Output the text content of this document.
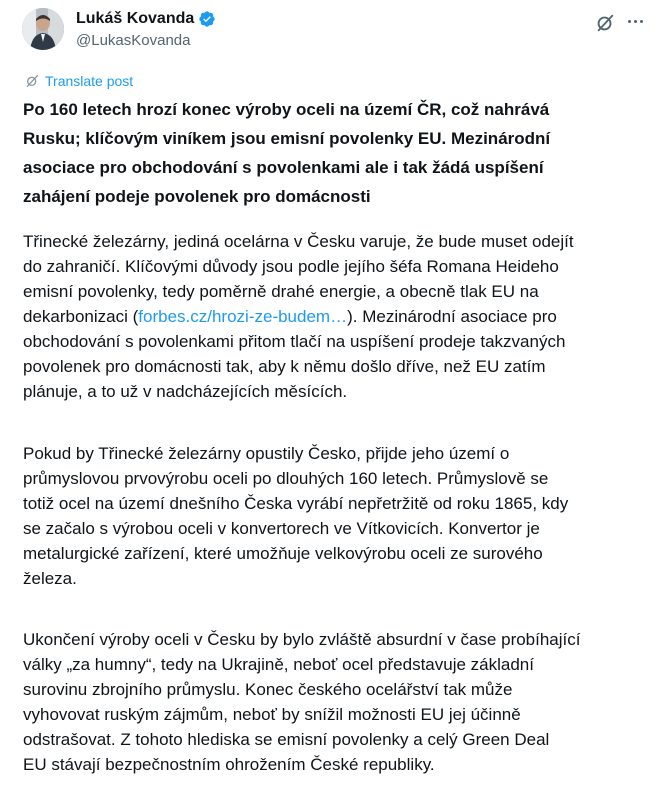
Lukáš Kovanda
@LukasKovanda
Translate post
Po 160 letech hrozí konec výroby oceli na území ČR, což nahrává
Rusku; klíčovým viníkem jsou emisní povolenky EU. Mezinárodní
asociace pro obchodování s povolenkami ale i tak žádá uspíšení
zahájení podeje povolenek pro domácnosti
Třinecké železárny, jediná ocelárna v Česku varuje, že bude muset odejít
do zahraničí. Klíčovými důvody jsou podle jejího šéfa Romana Heideho
emisní povolenky, tedy poměrně drahé energie, a obecně tlak EU na
dekarbonizaci (forbes.cz/hrozi-ze-budem…). Mezinárodní asociace pro
obchodování s povolenkami přitom tlačí na uspíšení prodeje takzvaných
povolenek pro domácnosti tak, aby k němu došlo dříve, než EU zatím
plánuje, a to už v nadcházejících měsících.
Pokud by Třinecké železárny opustily Česko, přijde jeho území o
průmyslovou prvovýrobu oceli po dlouhých 160 letech. Průmyslově se
totiž ocel na území dnešního Česka vyrábí nepřetržitě od roku 1865, kdy
se začalo s výrobou oceli v konvertorech ve Vítkovicích. Konvertor je
metalurgické zařízení, které umožňuje velkovýrobu oceli ze surového
železa.
Ukončení výroby oceli v Česku by bylo zvláště absurdní v čase probíhající
války „za humny“, tedy na Ukrajině, neboť ocel představuje základní
surovinu zbrojního průmyslu. Konec českého ocelářství tak může
vyhovovat ruským zájmům, neboť by snížil možnosti EU jej účinně
odstrašovat. Z tohoto hlediska se emisní povolenky a celý Green Deal
EU stávají bezpečnostním ohrožením České republiky.
